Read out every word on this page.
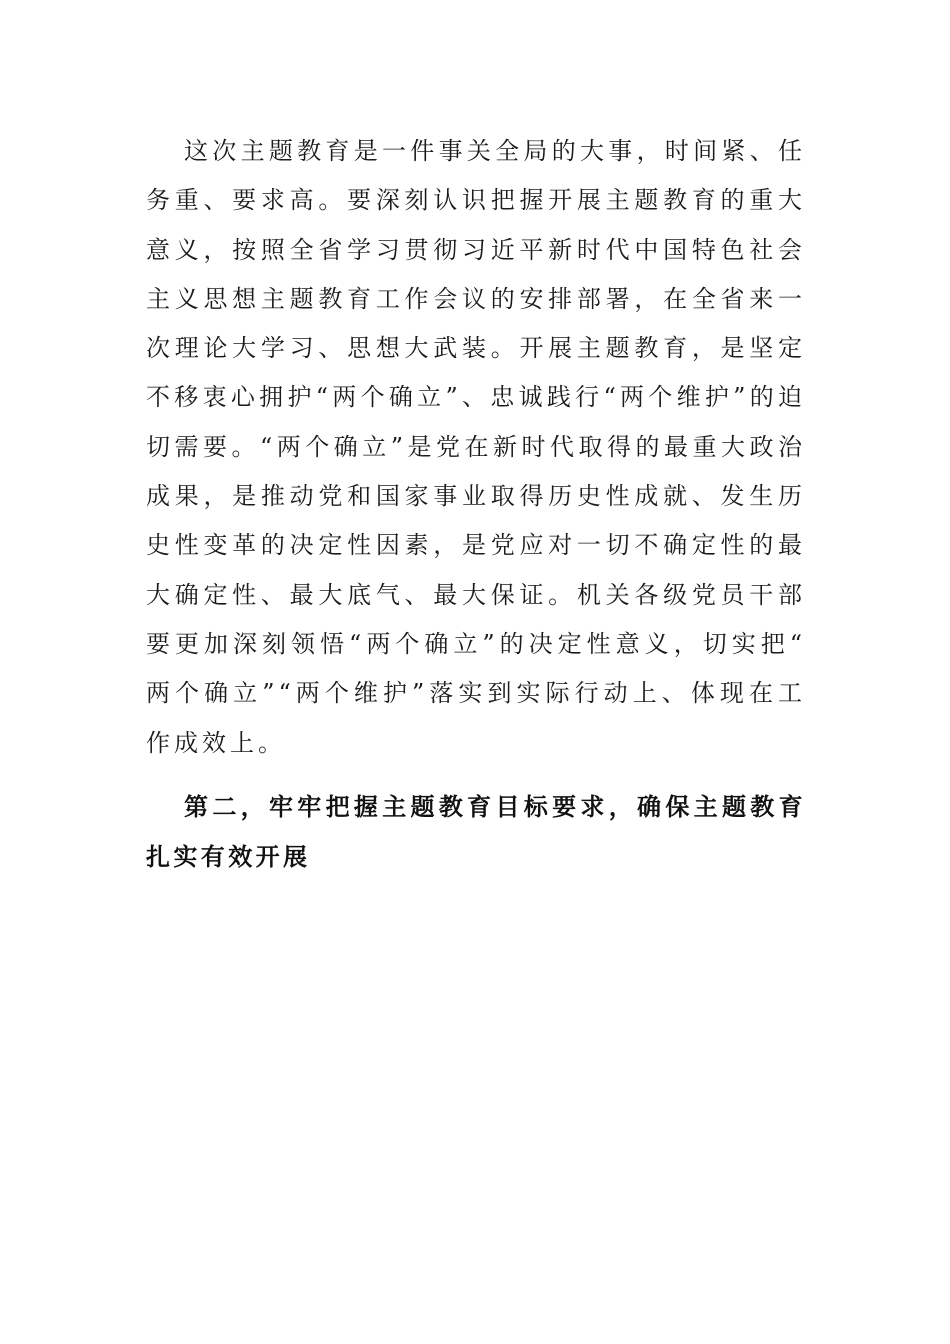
这次主题教育是一件事关全局的大事，时间紧、任务重、要求高。要深刻认识把握开展主题教育的重大意义，按照全省学习贯彻习近平新时代中国特色社会主义思想主题教育工作会议的安排部署，在全省来一次理论大学习、思想大武装。开展主题教育，是坚定不移衷心拥护“两个确立”、忠诚践行“两个维护”的迫切需要。“两个确立”是党在新时代取得的最重大政治成果，是推动党和国家事业取得历史性成就、发生历史性变革的决定性因素，是党应对一切不确定性的最大确定性、最大底气、最大保证。机关各级党员干部要更加深刻领悟“两个确立”的决定性意义，切实把“两个确立”“两个维护”落实到实际行动上、体现在工作成效上。

第二，牢牢把握主题教育目标要求，确保主题教育扎实有效开展
